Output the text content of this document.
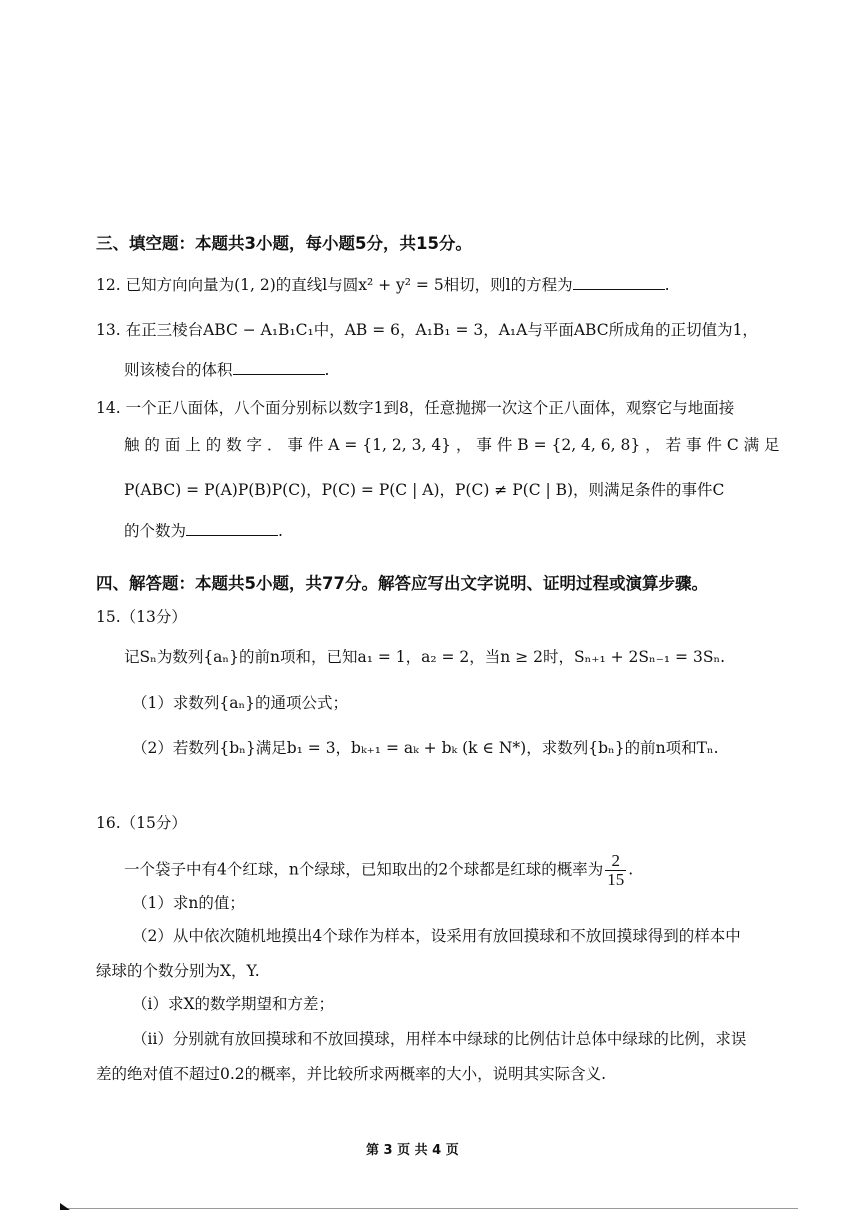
三、填空题：本题共3小题，每小题5分，共15分。
12. 已知方向向量为(1, 2)的直线l与圆x² + y² = 5相切，则l的方程为	.
13. 在正三棱台ABC − A₁B₁C₁中，AB = 6，A₁B₁ = 3，A₁A与平面ABC所成角的正切值为1，
则该棱台的体积	.
14. 一个正八面体，八个面分别标以数字1到8，任意抛掷一次这个正八面体，观察它与地面接
触 的 面 上 的 数 字 ． 事 件 A = {1, 2, 3, 4} ， 事 件 B = {2, 4, 6, 8} ， 若 事 件 C 满 足
P(ABC) = P(A)P(B)P(C)，P(C) = P(C | A)，P(C) ≠ P(C | B)，则满足条件的事件C
的个数为	.
四、解答题：本题共5小题，共77分。解答应写出文字说明、证明过程或演算步骤。
15.（13分）
记Sₙ为数列{aₙ}的前n项和，已知a₁ = 1，a₂ = 2，当n ≥ 2时，Sₙ₊₁ + 2Sₙ₋₁ = 3Sₙ.
（1）求数列{aₙ}的通项公式；
（2）若数列{bₙ}满足b₁ = 3，bₖ₊₁ = aₖ + bₖ (k ∈ N*)，求数列{bₙ}的前n项和Tₙ.
16.（15分）
一个袋子中有4个红球，n个绿球，已知取出的2个球都是红球的概率为 $\frac{2}{15}$ .
（1）求n的值；
（2）从中依次随机地摸出4个球作为样本，设采用有放回摸球和不放回摸球得到的样本中
绿球的个数分别为X，Y.
（i）求X的数学期望和方差；
（ii）分别就有放回摸球和不放回摸球，用样本中绿球的比例估计总体中绿球的比例，求误
差的绝对值不超过0.2的概率，并比较所求两概率的大小，说明其实际含义.
第 3 页 共 4 页
